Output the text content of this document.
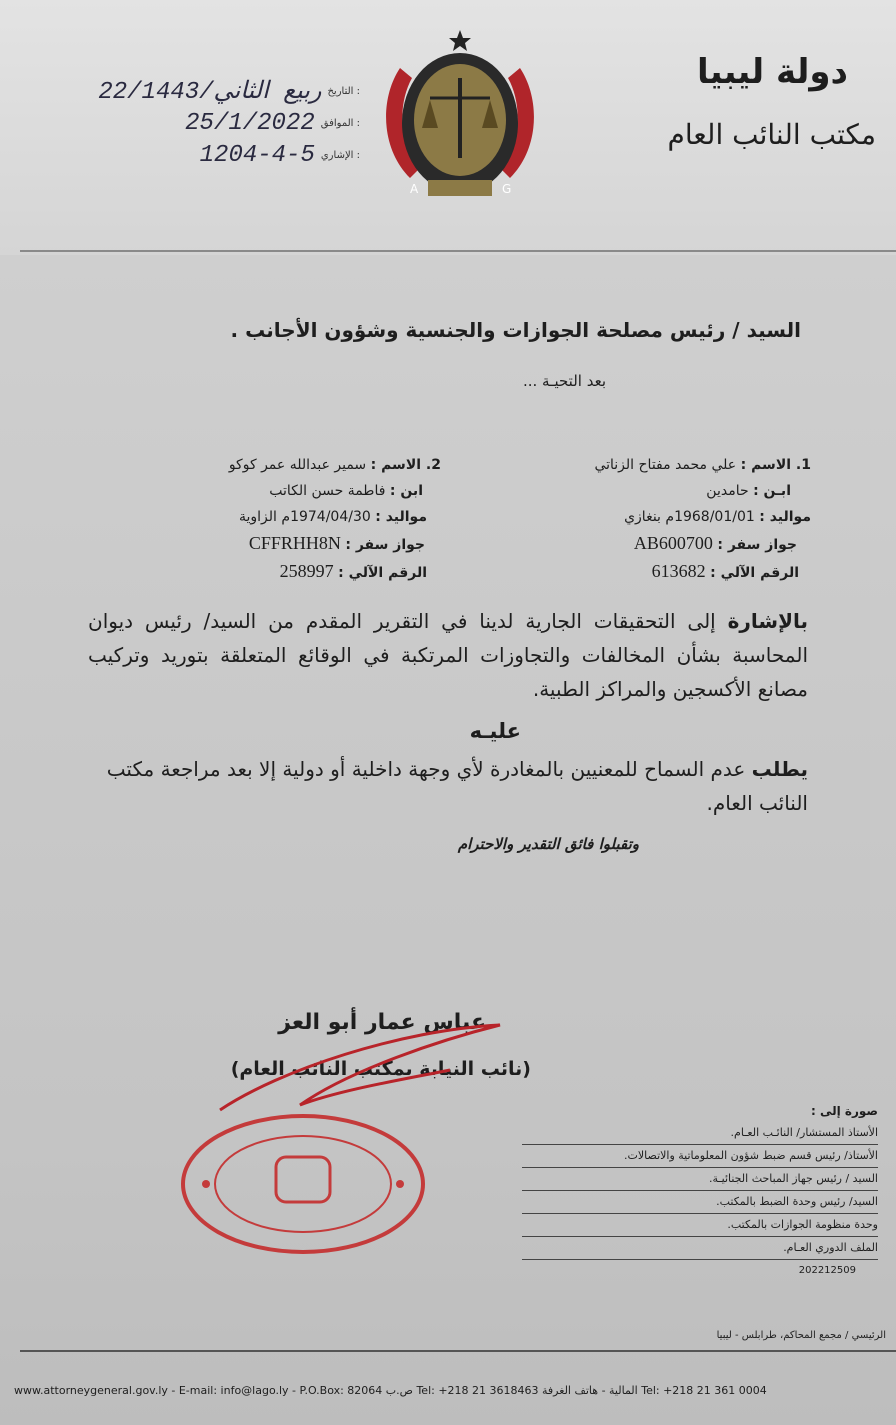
دولة ليبيا
مكتب النائب العام
A	G
22/ربيع الثاني/1443 التاريخ :
25/1/2022 الموافق :
1204-4-5 الإشاري :
السيد / رئيس مصلحة الجوازات والجنسية وشؤون الأجانب .
بعد التحيـة ...
1. الاسم : علي محمد مفتاح الزناتي
ابـن : حامدين
مواليد : 1968/01/01م بنغازي
جواز سفر : AB600700
الرقم الآلي : 613682
2. الاسم : سمير عبدالله عمر كوكو
ابن : فاطمة حسن الكاتب
مواليد : 1974/04/30م الزاوية
جواز سفر : CFFRHH8N
الرقم الآلي : 258997

بالإشارة إلى التحقيقات الجارية لدينا في التقرير المقدم من السيد/ رئيس ديوان المحاسبة بشأن المخالفات والتجاوزات المرتكبة في الوقائع المتعلقة بتوريد وتركيب مصانع الأكسجين والمراكز الطبية.

عليـه

يطلب عدم السماح للمعنيين بالمغادرة لأي وجهة داخلية أو دولية إلا بعد مراجعة مكتب النائب العام.

وتقبلوا فائق التقدير والاحترام
عباس عمار أبو العز
(نائب النيابة بمكتب النائب العام)
صورة إلى :
الأستاذ المستشار/ النائـب العـام.
الأستاذ/ رئيس قسم ضبط شؤون المعلوماتية والاتصالات.
السيد / رئيس جهاز المباحث الجنائيـة.
السيد/ رئيس وحدة الضبط بالمكتب.
وحدة منظومة الجوازات بالمكتب.
الملف الدوري العـام.
202212509
الرئيسي / مجمع المحاكم، طرابلس - ليبيا
www.attorneygeneral.gov.ly - E-mail: info@lago.ly - P.O.Box: 82064 ص.ب Tel: +218 21 3618463 المالية - هاتف الغرفة Tel: +218 21 361 0004
